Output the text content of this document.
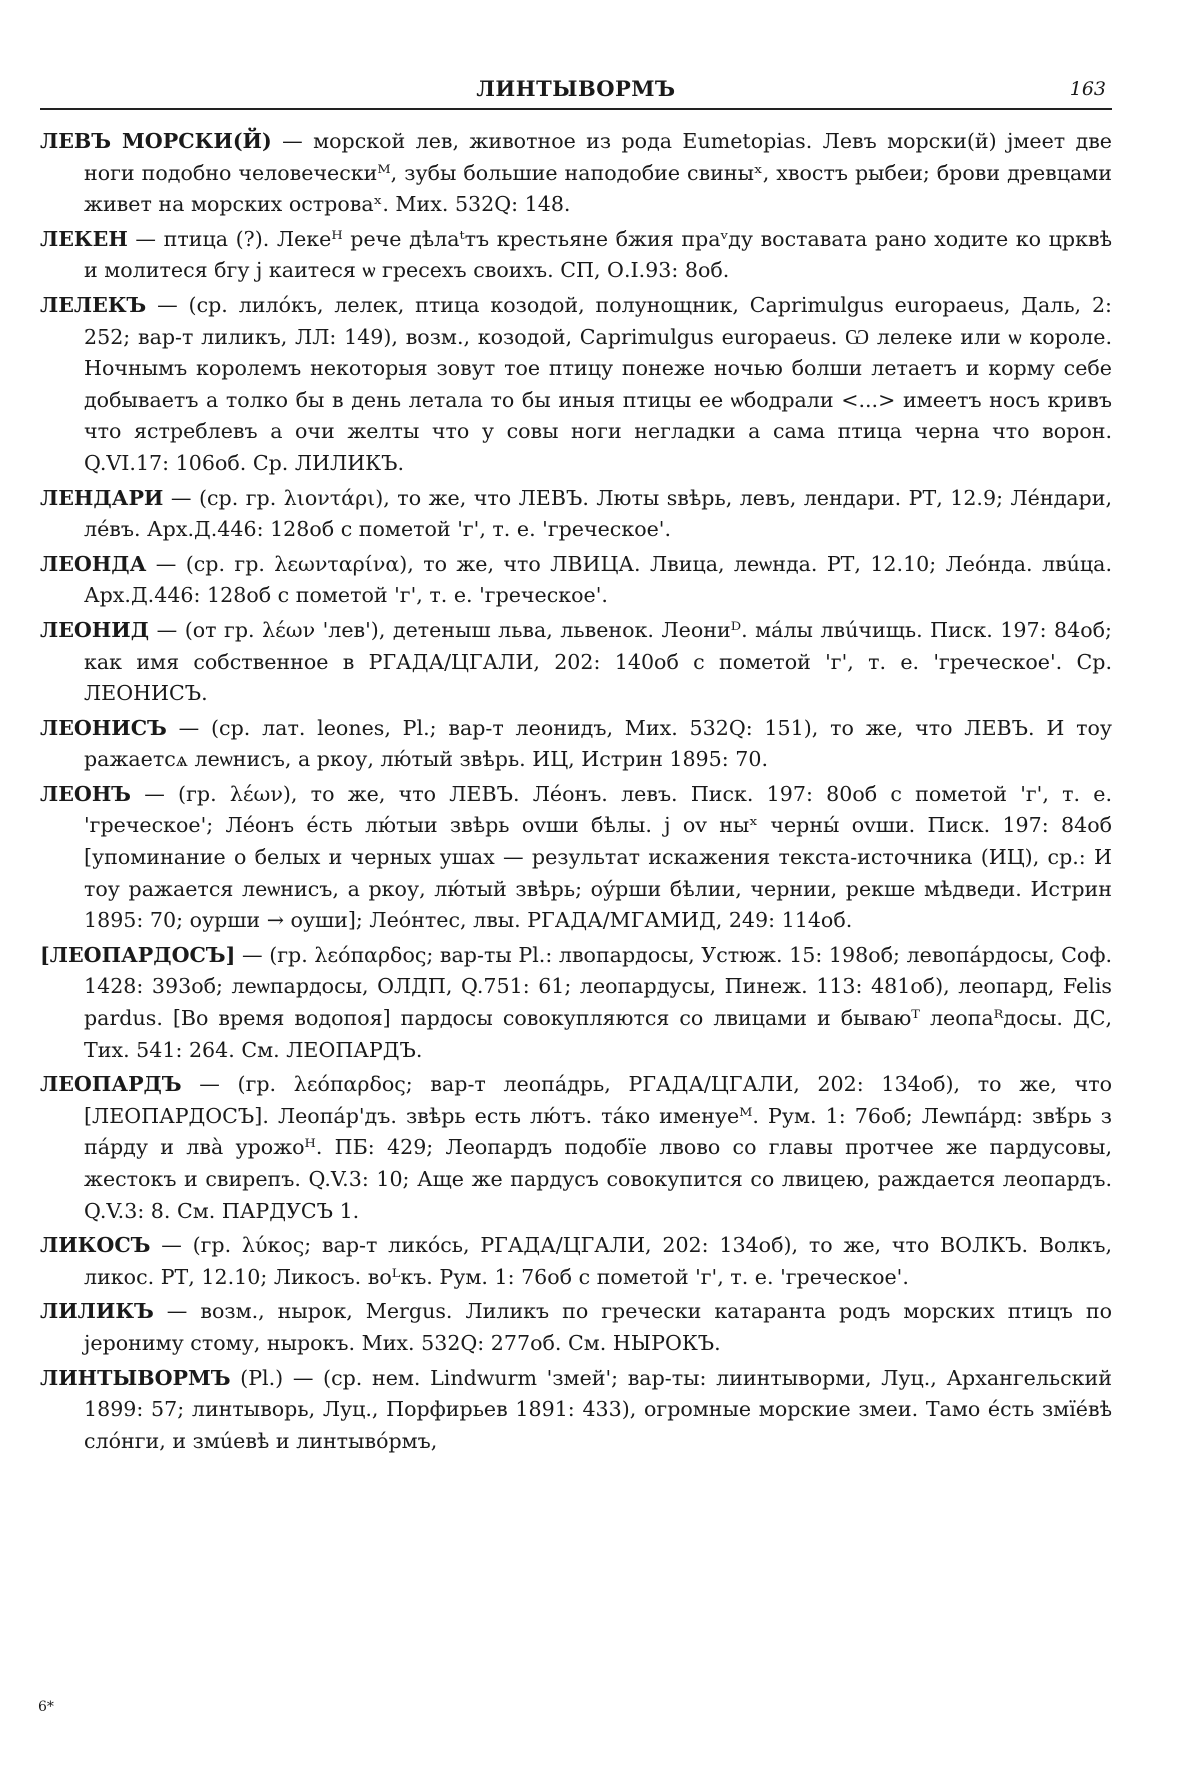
ЛИНТЫВОРМЪ	163

ЛЕВЪ МОРСКИ(Й) — морской лев, животное из рода Eumetopias. Левъ морски(й) jмеет две ноги подобно человеческиᴹ, зубы большие наподобие свиныˣ, хвостъ рыбеи; брови древцами живет на морских островаˣ. Мих. 532Q: 148.

ЛЕКЕН — птица (?). Лекеᴴ рече дѣлаᵗтъ крестьяне бжия праᵛду воставата рано ходите ко црквѣ и молитеся бгу j каитеся ѡ гресехъ своихъ. СП, О.I.93: 8об.

ЛЕЛЕКЪ — (ср. лилóкъ, лелек, птица козодой, полунощник, Caprimulgus europaeus, Даль, 2: 252; вар-т лиликъ, ЛЛ: 149), возм., козодой, Caprimulgus europaeus. Ѡ лелеке или ѡ короле. Ночнымъ королемъ некоторыя зовут тое птицу понеже ночью болши летаетъ и корму себе добываетъ а толко бы в день летала то бы иныя птицы ее ѡбодрали <...> имеетъ носъ кривъ что ястреблевъ а очи желты что у совы ноги негладки а сама птица черна что ворон. Q.VI.17: 106об. Ср. ЛИЛИКЪ.

ЛЕНДАРИ — (ср. гр. λιοντάρι), то же, что ЛЕВЪ. Люты ѕвѣрь, левъ, лендари. РТ, 12.9; Лéндари, лéвъ. Арх.Д.446: 128об с пометой 'г', т. е. 'греческое'.

ЛЕОНДА — (ср. гр. λεωνταρίνα), то же, что ЛВИЦА. Лвица, леѡнда. РТ, 12.10; Леóнда. лвúца. Арх.Д.446: 128об с пометой 'г', т. е. 'греческое'.

ЛЕОНИД — (от гр. λέων 'лев'), детеныш льва, львенок. Леониᴰ. мáлы лвúчищь. Писк. 197: 84об; как имя собственное в РГАДА/ЦГАЛИ, 202: 140об с пометой 'г', т. е. 'греческое'. Ср. ЛЕОНИСЪ.

ЛЕОНИСЪ — (ср. лат. leones, Pl.; вар-т леонидъ, Мих. 532Q: 151), то же, что ЛЕВЪ. И тоу ражаетсѧ леѡнисъ, а ркоу, лю́тый звѣрь. ИЦ, Истрин 1895: 70.

ЛЕОНЪ — (гр. λέων), то же, что ЛЕВЪ. Лéонъ. левъ. Писк. 197: 80об с пометой 'г', т. е. 'греческое'; Лéонъ éсть лю́тыи звѣрь оvши бѣлы. j оv ныˣ черны́ оvши. Писк. 197: 84об [упоминание о белых и черных ушах — результат искажения текста-источника (ИЦ), ср.: И тоу ражается леѡнисъ, а ркоу, лю́тый звѣрь; оу́рши бѣлии, чернии, рекше мѣдведи. Истрин 1895: 70; оурши → оуши]; Леóнтес, лвы. РГАДА/МГАМИД, 249: 114об.

[ЛЕОПАРДОСЪ] — (гр. λεόπαρδος; вар-ты Pl.: лвопардосы, Устюж. 15: 198об; левопáрдосы, Соф. 1428: 393об; леѡпардосы, ОЛДП, Q.751: 61; леопардусы, Пинеж. 113: 481об), леопард, Felis pardus. [Во время водопоя] пардосы совокупляются со лвицами и бываюᵀ леопаᴿдосы. ДС, Тих. 541: 264. См. ЛЕОПАРДЪ.

ЛЕОПАРДЪ — (гр. λεόπαρδος; вар-т леопáдрь, РГАДА/ЦГАЛИ, 202: 134об), то же, что [ЛЕОПАРДОСЪ]. Леопáр'дъ. звѣрь есть лю́тъ. тáко именуеᴹ. Рум. 1: 76об; Леѡпáрд: звѣ́рь з пáрду и лвà урожоᴴ. ПБ: 429; Леопардъ подобїе лвово со главы протчее же пардусовы, жестокъ и свирепъ. Q.V.3: 10; Аще же пардусъ совокупится со лвицею, раждается леопардъ. Q.V.3: 8. См. ПАРДУСЪ 1.

ЛИКОСЪ — (гр. λύκος; вар-т ликóсь, РГАДА/ЦГАЛИ, 202: 134об), то же, что ВОЛКЪ. Волкъ, ликос. РТ, 12.10; Ликосъ. воᴸкъ. Рум. 1: 76об с пометой 'г', т. е. 'греческое'.

ЛИЛИКЪ — возм., нырок, Mergus. Лиликъ по гречески катаранта родъ морских птицъ по јерониму стому, нырокъ. Мих. 532Q: 277об. См. НЫРОКЪ.

ЛИНТЫВОРМЪ (Pl.) — (ср. нем. Lindwurm 'змей'; вар-ты: лиинтыворми, Луц., Архангельский 1899: 57; линтыворь, Луц., Порфирьев 1891: 433), огромные морские змеи. Тамо éсть змїéвѣ слóнги, и змúевѣ и линтывóрмъ,

6*
